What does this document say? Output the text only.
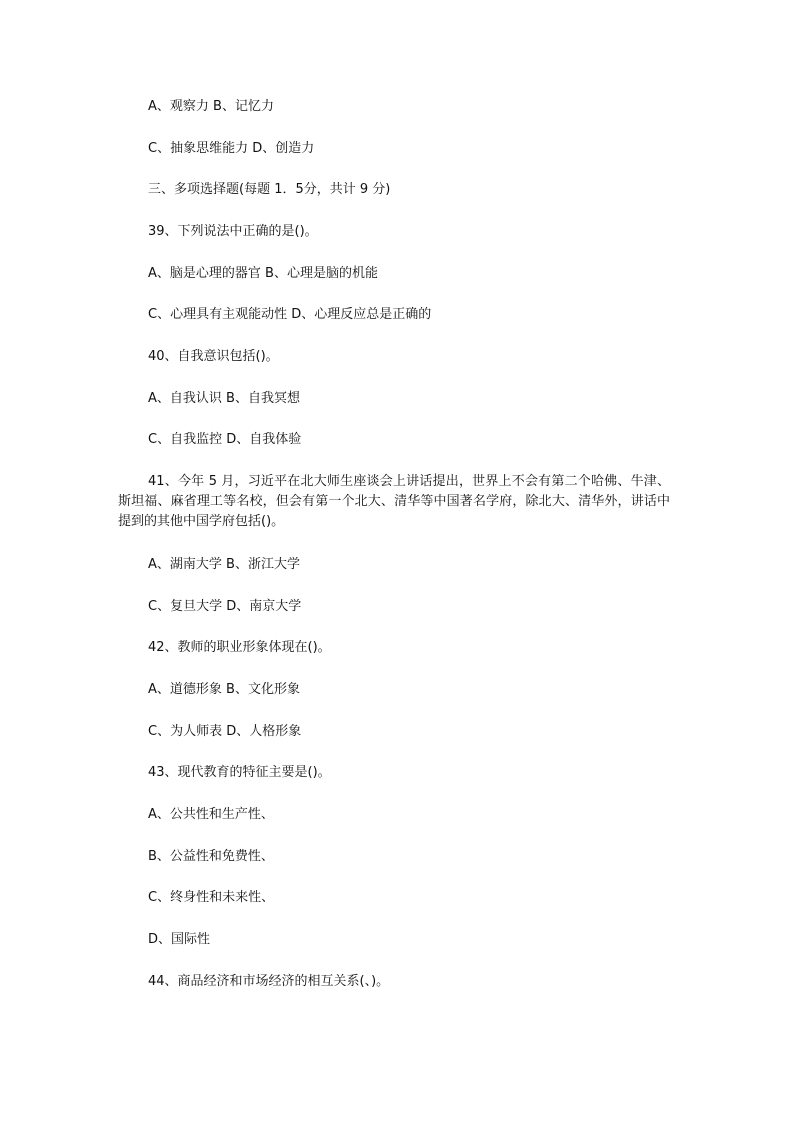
A、观察力 B、记忆力
C、抽象思维能力 D、创造力
三、多项选择题(每题 1．5分，共计 9 分)
39、下列说法中正确的是()。
A、脑是心理的器官 B、心理是脑的机能
C、心理具有主观能动性 D、心理反应总是正确的
40、自我意识包括()。
A、自我认识 B、自我冥想
C、自我监控 D、自我体验
41、今年 5 月，习近平在北大师生座谈会上讲话提出，世界上不会有第二个哈佛、牛津、斯坦福、麻省理工等名校，但会有第一个北大、清华等中国著名学府，除北大、清华外，讲话中提到的其他中国学府包括()。
A、湖南大学 B、浙江大学
C、复旦大学 D、南京大学
42、教师的职业形象体现在()。
A、道德形象 B、文化形象
C、为人师表 D、人格形象
43、现代教育的特征主要是()。
A、公共性和生产性、
B、公益性和免费性、
C、终身性和未来性、
D、国际性
44、商品经济和市场经济的相互关系(、)。
